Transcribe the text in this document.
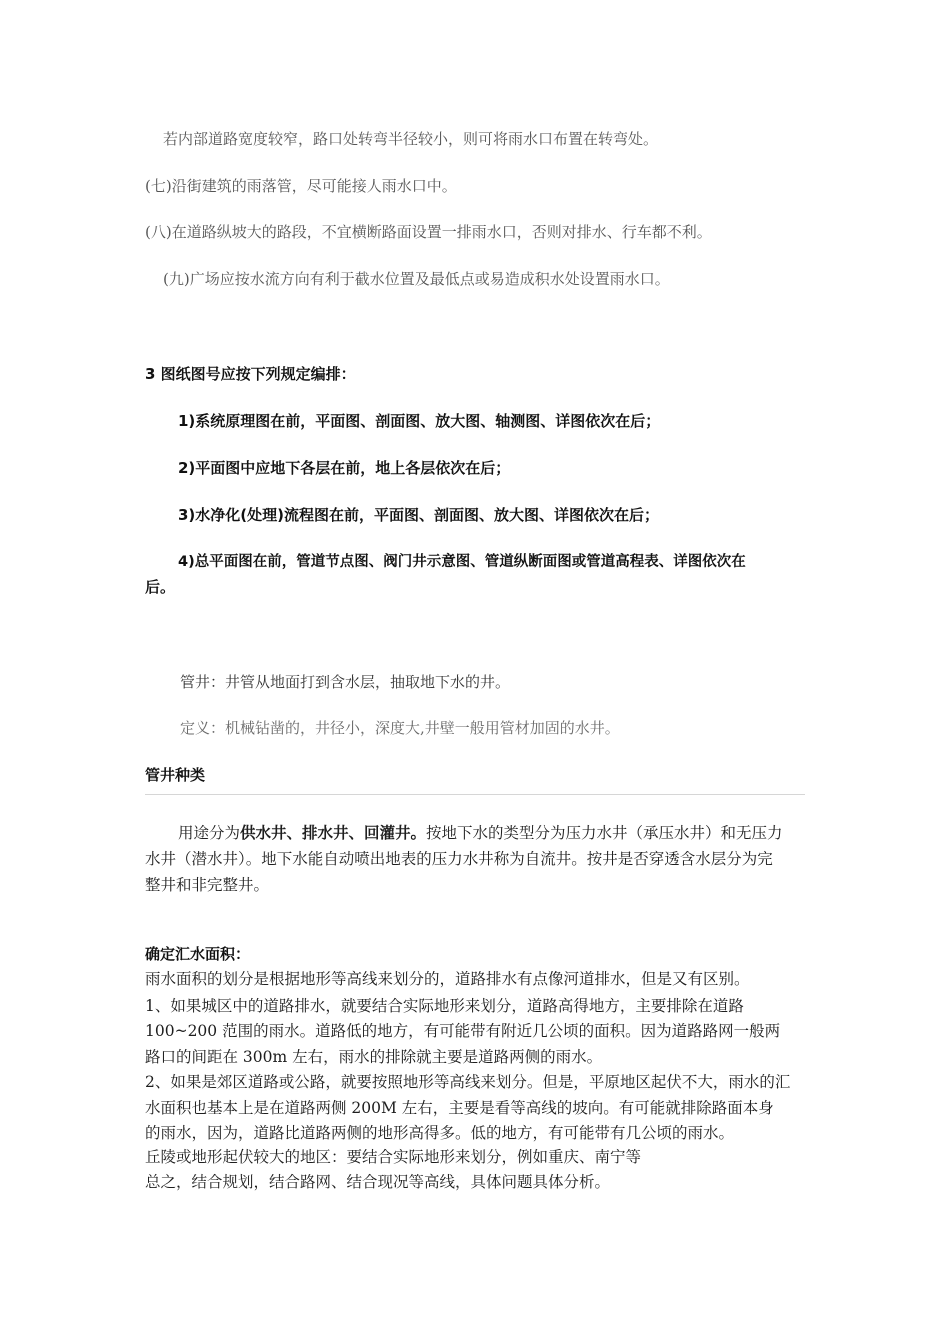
若内部道路宽度较窄，路口处转弯半径较小，则可将雨水口布置在转弯处。
(七)沿街建筑的雨落管，尽可能接人雨水口中。
(八)在道路纵坡大的路段，不宜横断路面设置一排雨水口，否则对排水、行车都不利。
(九)广场应按水流方向有利于截水位置及最低点或易造成积水处设置雨水口。
3 图纸图号应按下列规定编排：
1)系统原理图在前，平面图、剖面图、放大图、轴测图、详图依次在后；
2)平面图中应地下各层在前，地上各层依次在后；
3)水净化(处理)流程图在前，平面图、剖面图、放大图、详图依次在后；
4)总平面图在前，管道节点图、阀门井示意图、管道纵断面图或管道高程表、详图依次在
后。
管井：井管从地面打到含水层，抽取地下水的井。
定义：机械钻凿的，井径小，深度大,井壁一般用管材加固的水井。
管井种类
用途分为供水井、排水井、回灌井。按地下水的类型分为压力水井（承压水井）和无压力
水井（潜水井）。地下水能自动喷出地表的压力水井称为自流井。按井是否穿透含水层分为完
整井和非完整井。
确定汇水面积：
雨水面积的划分是根据地形等高线来划分的，道路排水有点像河道排水，但是又有区别。
1、如果城区中的道路排水，就要结合实际地形来划分，道路高得地方，主要排除在道路
100~200 范围的雨水。道路低的地方，有可能带有附近几公顷的面积。因为道路路网一般两
路口的间距在 300m 左右，雨水的排除就主要是道路两侧的雨水。
2、如果是郊区道路或公路，就要按照地形等高线来划分。但是，平原地区起伏不大，雨水的汇
水面积也基本上是在道路两侧 200M 左右，主要是看等高线的坡向。有可能就排除路面本身
的雨水，因为，道路比道路两侧的地形高得多。低的地方，有可能带有几公顷的雨水。
丘陵或地形起伏较大的地区：要结合实际地形来划分，例如重庆、南宁等
总之，结合规划，结合路网、结合现况等高线，具体问题具体分析。
